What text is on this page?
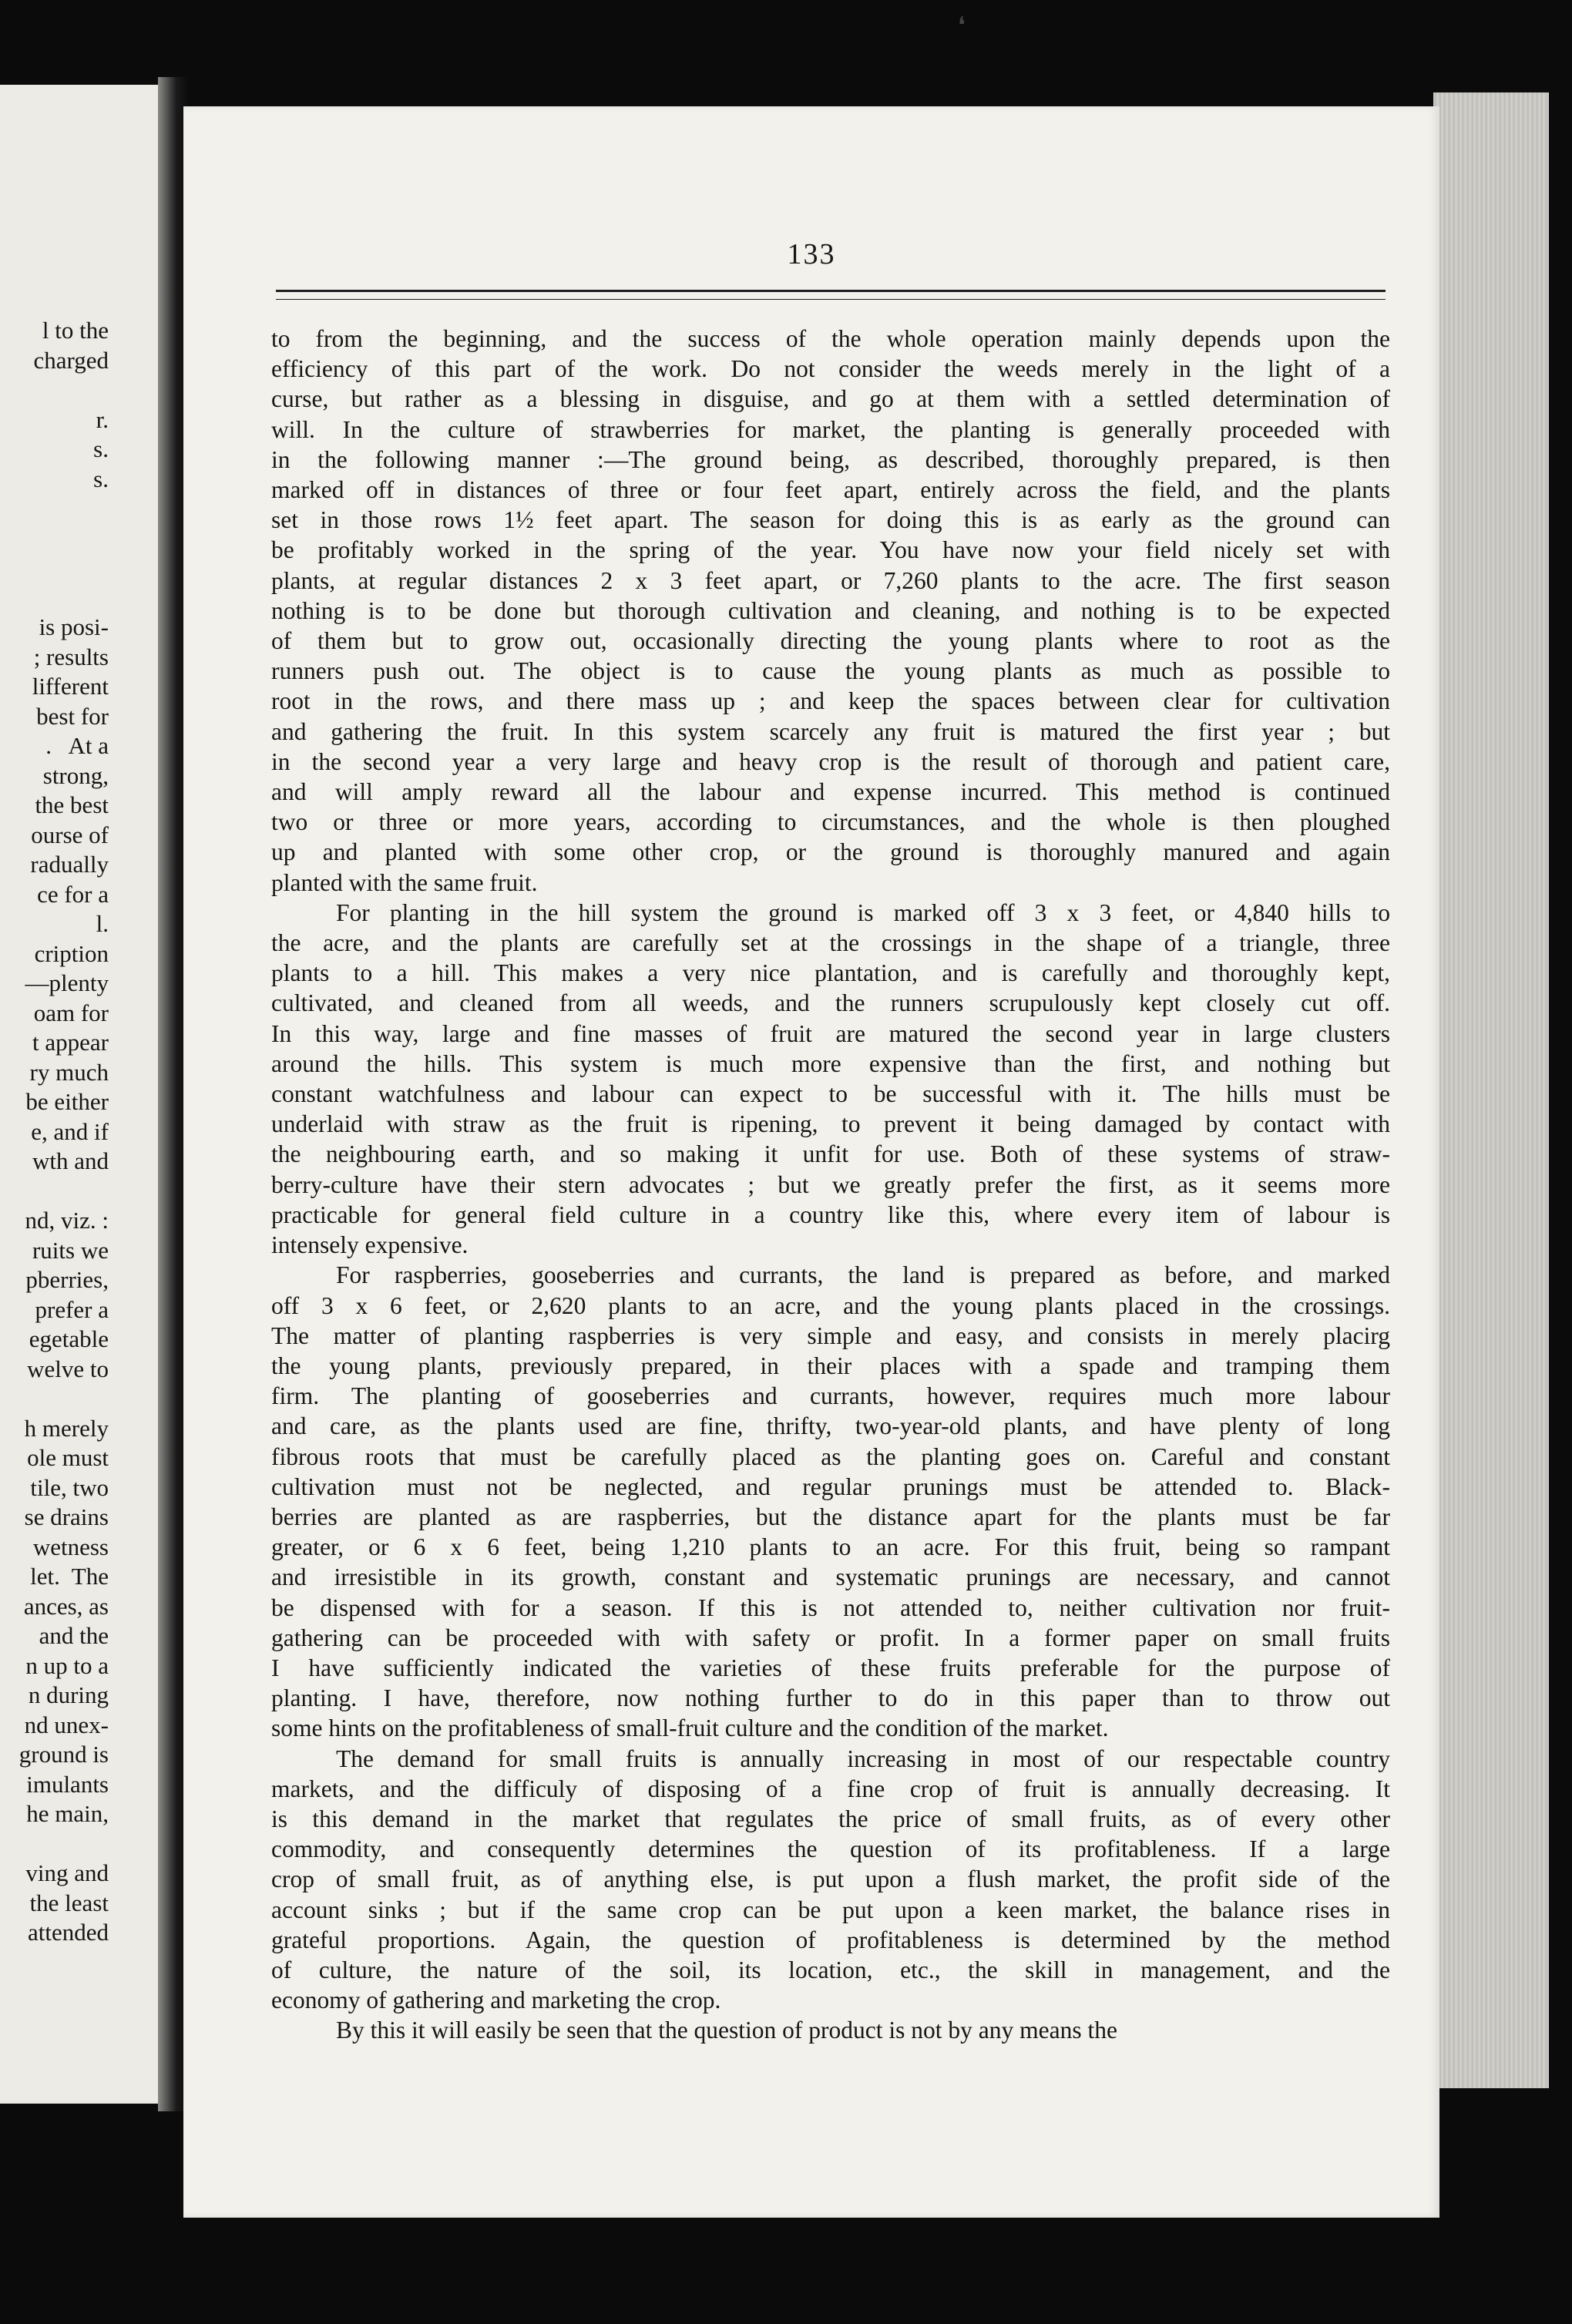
l to the
charged

r.
s.
s.

is posi-
; results
lifferent
best for
.   At a
strong,
the best
ourse of
radually
ce for a
l.
cription
—plenty
oam for
t appear
ry much
be either
e, and if
wth and

nd, viz. :
ruits we
pberries,
prefer a
egetable
welve to

h merely
ole must
tile, two
se drains
wetness
let.  The
ances, as
and the
n up to a
n during
nd unex-
ground is
imulants
he main,

ving and
the least
attended
133

to from the beginning, and the success of the whole operation mainly depends upon the
efficiency of this part of the work. Do not consider the weeds merely in the light of a
curse, but rather as a blessing in disguise, and go at them with a settled determination of
will. In the culture of strawberries for market, the planting is generally proceeded with
in the following manner :—The ground being, as described, thoroughly prepared, is then
marked off in distances of three or four feet apart, entirely across the field, and the plants
set in those rows 1½ feet apart. The season for doing this is as early as the ground can
be profitably worked in the spring of the year. You have now your field nicely set with
plants, at regular distances 2 x 3 feet apart, or 7,260 plants to the acre. The first season
nothing is to be done but thorough cultivation and cleaning, and nothing is to be expected
of them but to grow out, occasionally directing the young plants where to root as the
runners push out. The object is to cause the young plants as much as possible to
root in the rows, and there mass up ; and keep the spaces between clear for cultivation
and gathering the fruit. In this system scarcely any fruit is matured the first year ; but
in the second year a very large and heavy crop is the result of thorough and patient care,
and will amply reward all the labour and expense incurred. This method is continued
two or three or more years, according to circumstances, and the whole is then ploughed
up and planted with some other crop, or the ground is thoroughly manured and again
planted with the same fruit.

For planting in the hill system the ground is marked off 3 x 3 feet, or 4,840 hills to
the acre, and the plants are carefully set at the crossings in the shape of a triangle, three
plants to a hill. This makes a very nice plantation, and is carefully and thoroughly kept,
cultivated, and cleaned from all weeds, and the runners scrupulously kept closely cut off.
In this way, large and fine masses of fruit are matured the second year in large clusters
around the hills. This system is much more expensive than the first, and nothing but
constant watchfulness and labour can expect to be successful with it. The hills must be
underlaid with straw as the fruit is ripening, to prevent it being damaged by contact with
the neighbouring earth, and so making it unfit for use. Both of these systems of straw-
berry-culture have their stern advocates ; but we greatly prefer the first, as it seems more
practicable for general field culture in a country like this, where every item of labour is
intensely expensive.

For raspberries, gooseberries and currants, the land is prepared as before, and marked
off 3 x 6 feet, or 2,620 plants to an acre, and the young plants placed in the crossings.
The matter of planting raspberries is very simple and easy, and consists in merely placirg
the young plants, previously prepared, in their places with a spade and tramping them
firm. The planting of gooseberries and currants, however, requires much more labour
and care, as the plants used are fine, thrifty, two-year-old plants, and have plenty of long
fibrous roots that must be carefully placed as the planting goes on. Careful and constant
cultivation must not be neglected, and regular prunings must be attended to. Black-
berries are planted as are raspberries, but the distance apart for the plants must be far
greater, or 6 x 6 feet, being 1,210 plants to an acre. For this fruit, being so rampant
and irresistible in its growth, constant and systematic prunings are necessary, and cannot
be dispensed with for a season. If this is not attended to, neither cultivation nor fruit-
gathering can be proceeded with with safety or profit. In a former paper on small fruits
I have sufficiently indicated the varieties of these fruits preferable for the purpose of
planting. I have, therefore, now nothing further to do in this paper than to throw out
some hints on the profitableness of small-fruit culture and the condition of the market.

The demand for small fruits is annually increasing in most of our respectable country
markets, and the difficuly of disposing of a fine crop of fruit is annually decreasing. It
is this demand in the market that regulates the price of small fruits, as of every other
commodity, and consequently determines the question of its profitableness. If a large
crop of small fruit, as of anything else, is put upon a flush market, the profit side of the
account sinks ; but if the same crop can be put upon a keen market, the balance rises in
grateful proportions. Again, the question of profitableness is determined by the method
of culture, the nature of the soil, its location, etc., the skill in management, and the
economy of gathering and marketing the crop.

By this it will easily be seen that the question of product is not by any means the

❛
